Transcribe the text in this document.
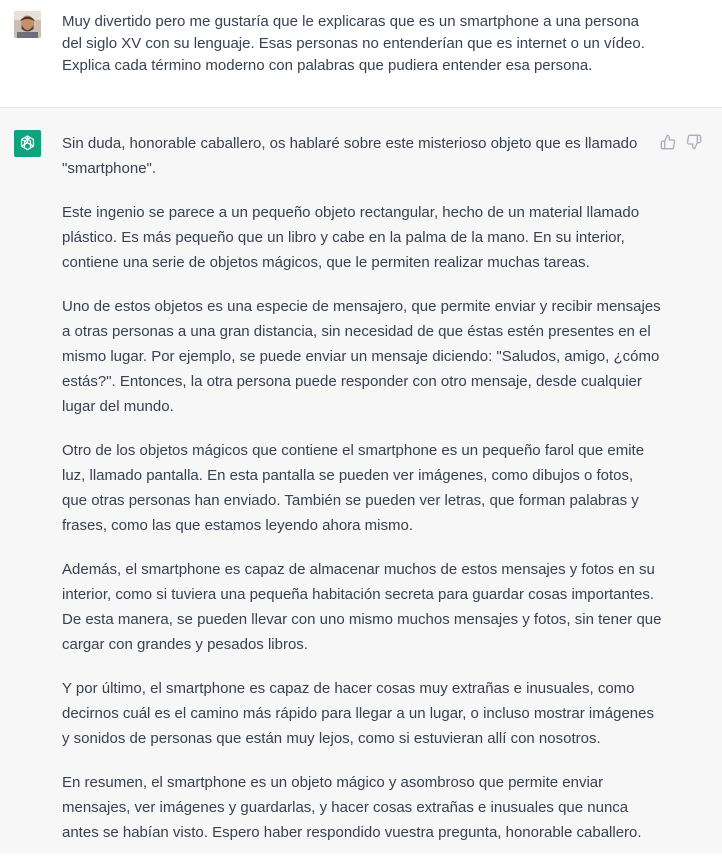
Muy divertido pero me gustaría que le explicaras que es un smartphone a una persona del siglo XV con su lenguaje. Esas personas no entenderían que es internet o un vídeo. Explica cada término moderno con palabras que pudiera entender esa persona.

Sin duda, honorable caballero, os hablaré sobre este misterioso objeto que es llamado "smartphone".

Este ingenio se parece a un pequeño objeto rectangular, hecho de un material llamado plástico. Es más pequeño que un libro y cabe en la palma de la mano. En su interior, contiene una serie de objetos mágicos, que le permiten realizar muchas tareas.

Uno de estos objetos es una especie de mensajero, que permite enviar y recibir mensajes a otras personas a una gran distancia, sin necesidad de que éstas estén presentes en el mismo lugar. Por ejemplo, se puede enviar un mensaje diciendo: "Saludos, amigo, ¿cómo estás?". Entonces, la otra persona puede responder con otro mensaje, desde cualquier lugar del mundo.

Otro de los objetos mágicos que contiene el smartphone es un pequeño farol que emite luz, llamado pantalla. En esta pantalla se pueden ver imágenes, como dibujos o fotos, que otras personas han enviado. También se pueden ver letras, que forman palabras y frases, como las que estamos leyendo ahora mismo.

Además, el smartphone es capaz de almacenar muchos de estos mensajes y fotos en su interior, como si tuviera una pequeña habitación secreta para guardar cosas importantes. De esta manera, se pueden llevar con uno mismo muchos mensajes y fotos, sin tener que cargar con grandes y pesados libros.

Y por último, el smartphone es capaz de hacer cosas muy extrañas e inusuales, como decirnos cuál es el camino más rápido para llegar a un lugar, o incluso mostrar imágenes y sonidos de personas que están muy lejos, como si estuvieran allí con nosotros.

En resumen, el smartphone es un objeto mágico y asombroso que permite enviar mensajes, ver imágenes y guardarlas, y hacer cosas extrañas e inusuales que nunca antes se habían visto. Espero haber respondido vuestra pregunta, honorable caballero.
